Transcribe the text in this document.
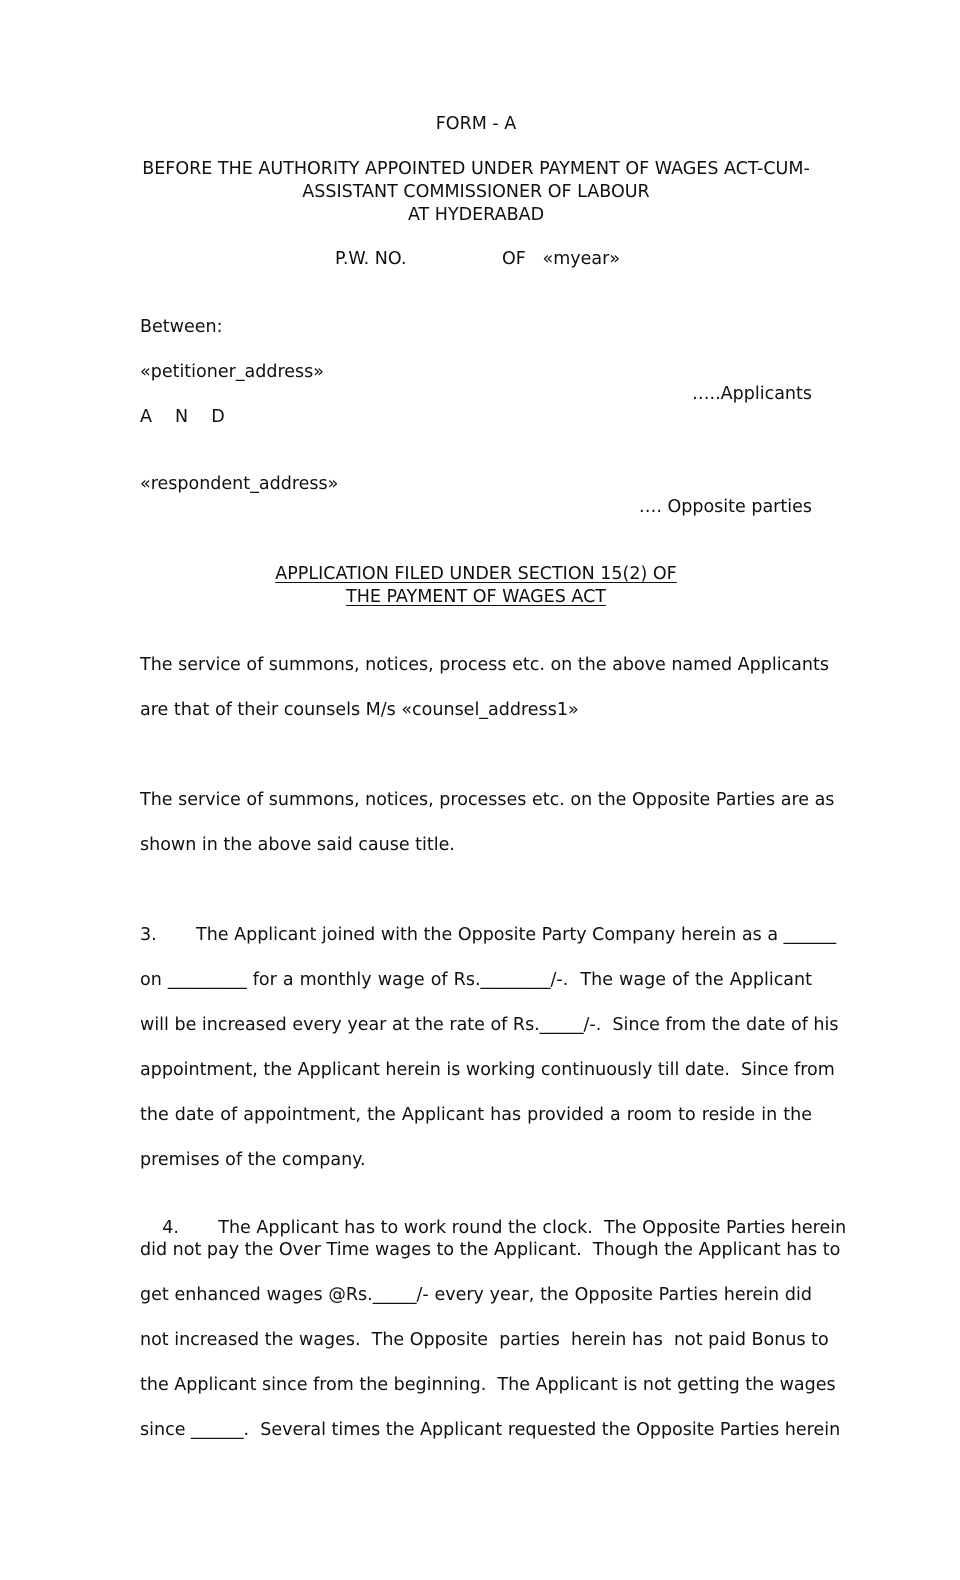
FORM - A
BEFORE THE AUTHORITY APPOINTED UNDER PAYMENT OF WAGES ACT-CUM-
ASSISTANT COMMISSIONER OF LABOUR
AT HYDERABAD
P.W. NO.	OF   «myear»
Between:
«petitioner_address»
…..Applicants
A N D
«respondent_address»
…. Opposite parties
APPLICATION FILED UNDER SECTION 15(2) OF
THE PAYMENT OF WAGES ACT
The service of summons, notices, process etc. on the above named Applicants
are that of their counsels M/s «counsel_address1»
The service of summons, notices, processes etc. on the Opposite Parties are as
shown in the above said cause title.
3. The Applicant joined with the Opposite Party Company herein as a ______
on _________ for a monthly wage of Rs.________/-.  The wage of the Applicant
will be increased every year at the rate of Rs._____/-.  Since from the date of his
appointment, the Applicant herein is working continuously till date.  Since from
the date of appointment, the Applicant has provided a room to reside in the
premises of the company.

4. The Applicant has to work round the clock.  The Opposite Parties herein

did not pay the Over Time wages to the Applicant.  Though the Applicant has to
get enhanced wages @Rs._____/- every year, the Opposite Parties herein did
not increased the wages.  The Opposite  parties  herein has  not paid Bonus to
the Applicant since from the beginning.  The Applicant is not getting the wages
since ______.  Several times the Applicant requested the Opposite Parties herein
